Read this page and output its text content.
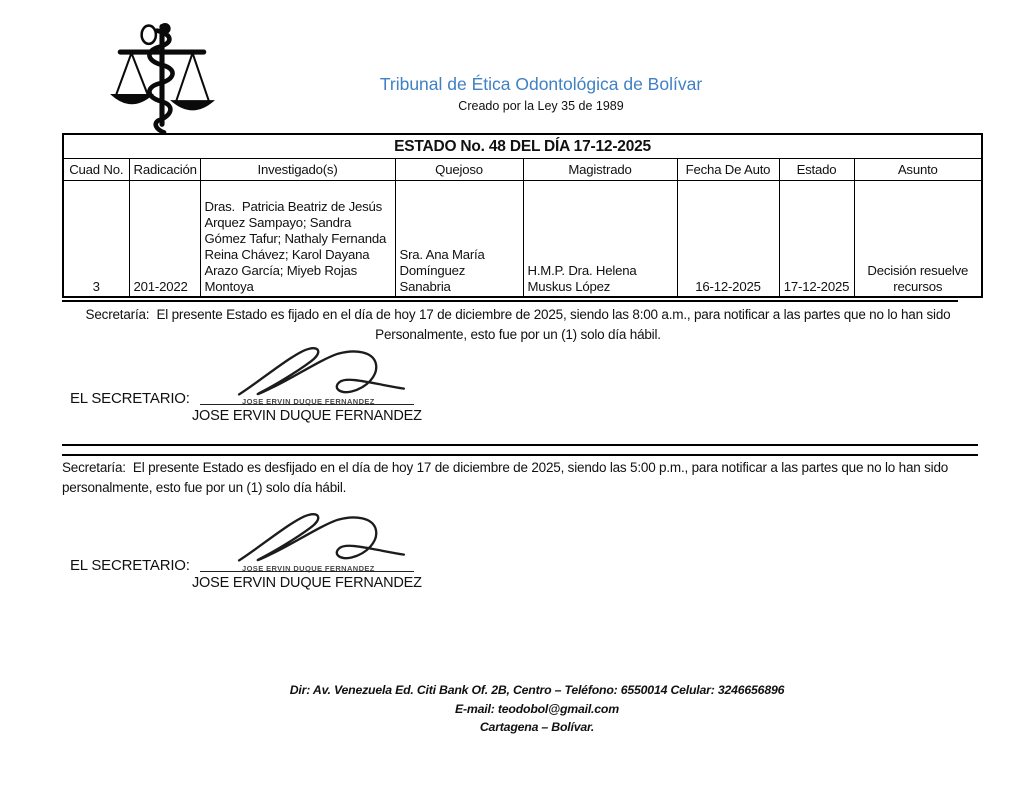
Tribunal de Ética Odontológica de Bolívar
Creado por la Ley 35 de 1989
ESTADO No. 48 DEL DÍA 17-12-2025							
Cuad No.	Radicación	Investigado(s)	Quejoso	Magistrado	Fecha De Auto	Estado	Asunto
3	201-2022	Dras.  Patricia Beatriz de Jesús Arquez Sampayo; Sandra Gómez Tafur; Nathaly Fernanda Reina Chávez; Karol Dayana Arazo García; Miyeb Rojas Montoya	Sra. Ana María Domínguez Sanabria	H.M.P. Dra. Helena Muskus López	16-12-2025	17-12-2025	Decisión resuelve recursos
Secretaría:  El presente Estado es fijado en el día de hoy 17 de diciembre de 2025, siendo las 8:00 a.m., para notificar a las partes que no lo han sido Personalmente, esto fue por un (1) solo día hábil.
JOSE ERVIN DUQUE FERNANDEZ
EL SECRETARIO:
JOSE ERVIN DUQUE FERNANDEZ
Secretaría:  El presente Estado es desfijado en el día de hoy 17 de diciembre de 2025, siendo las 5:00 p.m., para notificar a las partes que no lo han sido personalmente, esto fue por un (1) solo día hábil.
JOSE ERVIN DUQUE FERNANDEZ
EL SECRETARIO:
JOSE ERVIN DUQUE FERNANDEZ
Dir: Av. Venezuela Ed. Citi Bank Of. 2B, Centro – Teléfono: 6550014 Celular: 3246656896
E-mail: teodobol@gmail.com
Cartagena – Bolívar.
